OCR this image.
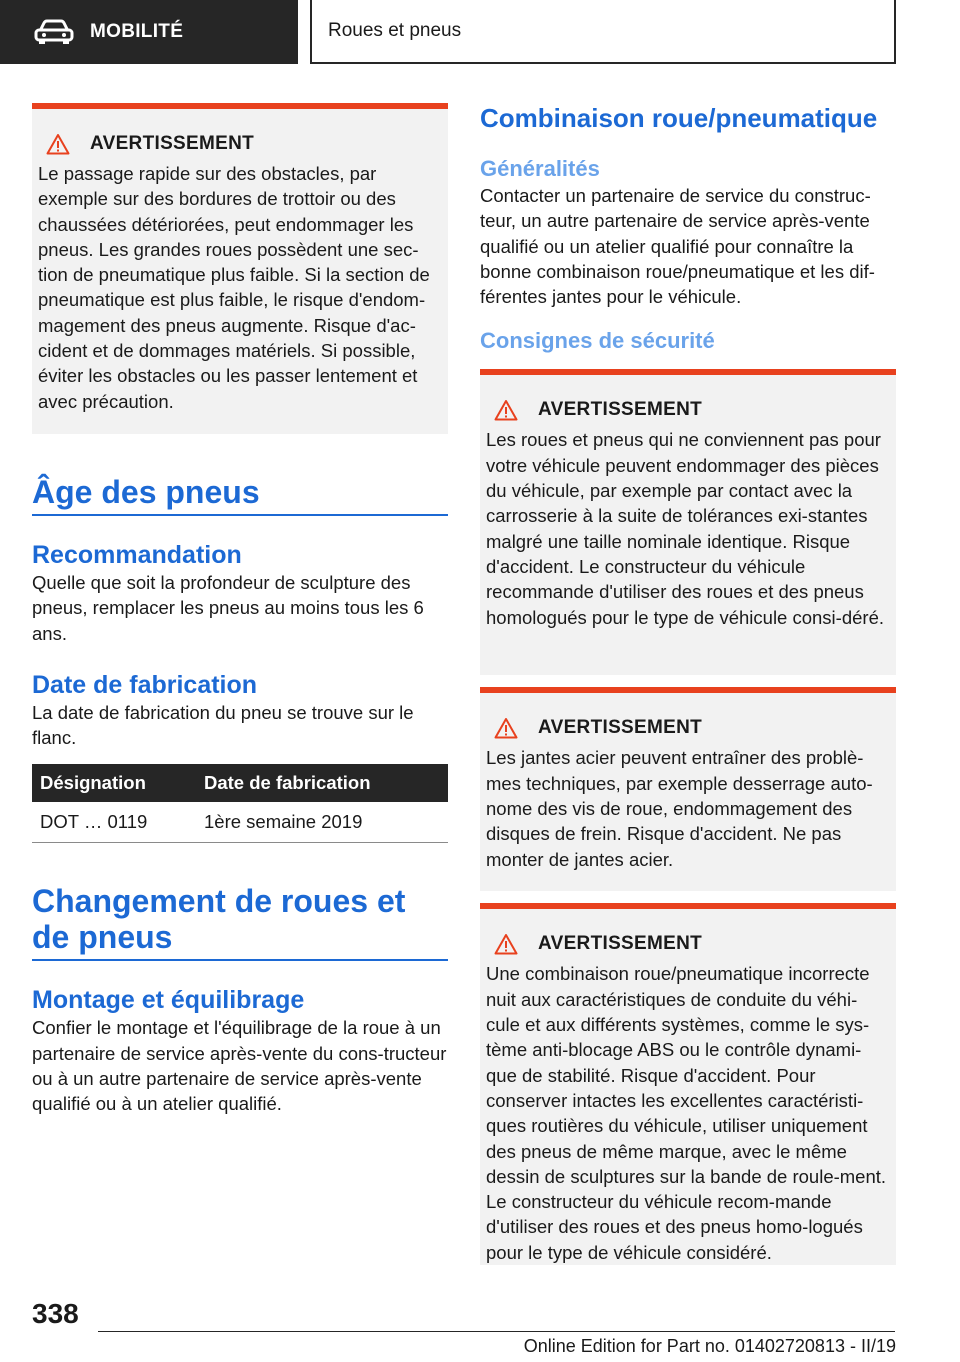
MOBILITÉ	Roues et pneus
AVERTISSEMENT
Le passage rapide sur des obstacles, par exemple sur des bordures de trottoir ou des chaussées détériorées, peut endommager les pneus. Les grandes roues possèdent une sec-tion de pneumatique plus faible. Si la section de pneumatique est plus faible, le risque d'endom-magement des pneus augmente. Risque d'ac-cident et de dommages matériels. Si possible, éviter les obstacles ou les passer lentement et avec précaution.
Âge des pneus
Recommandation

Quelle que soit la profondeur de sculpture des pneus, remplacer les pneus au moins tous les 6 ans.

Date de fabrication

La date de fabrication du pneu se trouve sur le flanc.

Désignation	Date de fabrication
DOT … 0119	1ère semaine 2019
Changement de roues et de pneus
Montage et équilibrage

Confier le montage et l'équilibrage de la roue à un partenaire de service après-vente du cons-tructeur ou à un autre partenaire de service après-vente qualifié ou à un atelier qualifié.

Combinaison roue/pneumatique
Généralités

Contacter un partenaire de service du construc-teur, un autre partenaire de service après-vente qualifié ou un atelier qualifié pour connaître la bonne combinaison roue/pneumatique et les dif-férentes jantes pour le véhicule.

Consignes de sécurité
AVERTISSEMENT
Les roues et pneus qui ne conviennent pas pour votre véhicule peuvent endommager des pièces du véhicule, par exemple par contact avec la carrosserie à la suite de tolérances exi-stantes malgré une taille nominale identique. Risque d'accident. Le constructeur du véhicule recommande d'utiliser des roues et des pneus homologués pour le type de véhicule consi-déré.
AVERTISSEMENT
Les jantes acier peuvent entraîner des problè-mes techniques, par exemple desserrage auto-nome des vis de roue, endommagement des disques de frein. Risque d'accident. Ne pas monter de jantes acier.
AVERTISSEMENT
Une combinaison roue/pneumatique incorrecte nuit aux caractéristiques de conduite du véhi-cule et aux différents systèmes, comme le sys-tème anti-blocage ABS ou le contrôle dynami-que de stabilité. Risque d'accident. Pour conserver intactes les excellentes caractéristi-ques routières du véhicule, utiliser uniquement des pneus de même marque, avec le même dessin de sculptures sur la bande de roule-ment. Le constructeur du véhicule recom-mande d'utiliser des roues et des pneus homo-logués pour le type de véhicule considéré.
338
Online Edition for Part no. 01402720813 - II/19
